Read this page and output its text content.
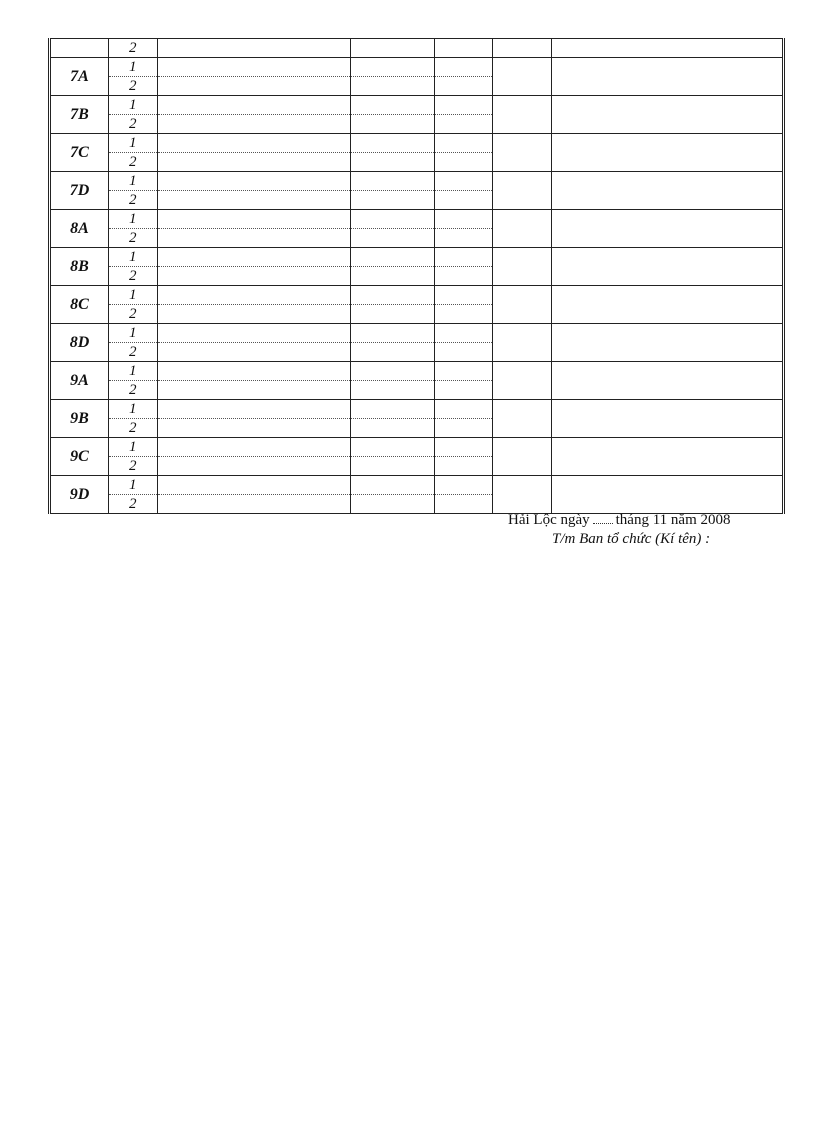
	2					
7A	1					
	2					
7B	1					
	2					
7C	1					
	2					
7D	1					
	2					
8A	1					
	2					
8B	1					
	2					
8C	1					
	2					
8D	1					
	2					
9A	1					
	2					
9B	1					
	2					
9C	1					
	2					
9D	1					
	2					
Hải Lộc ngày tháng 11 năm 2008
T/m Ban tổ chức (Kí tên) :
